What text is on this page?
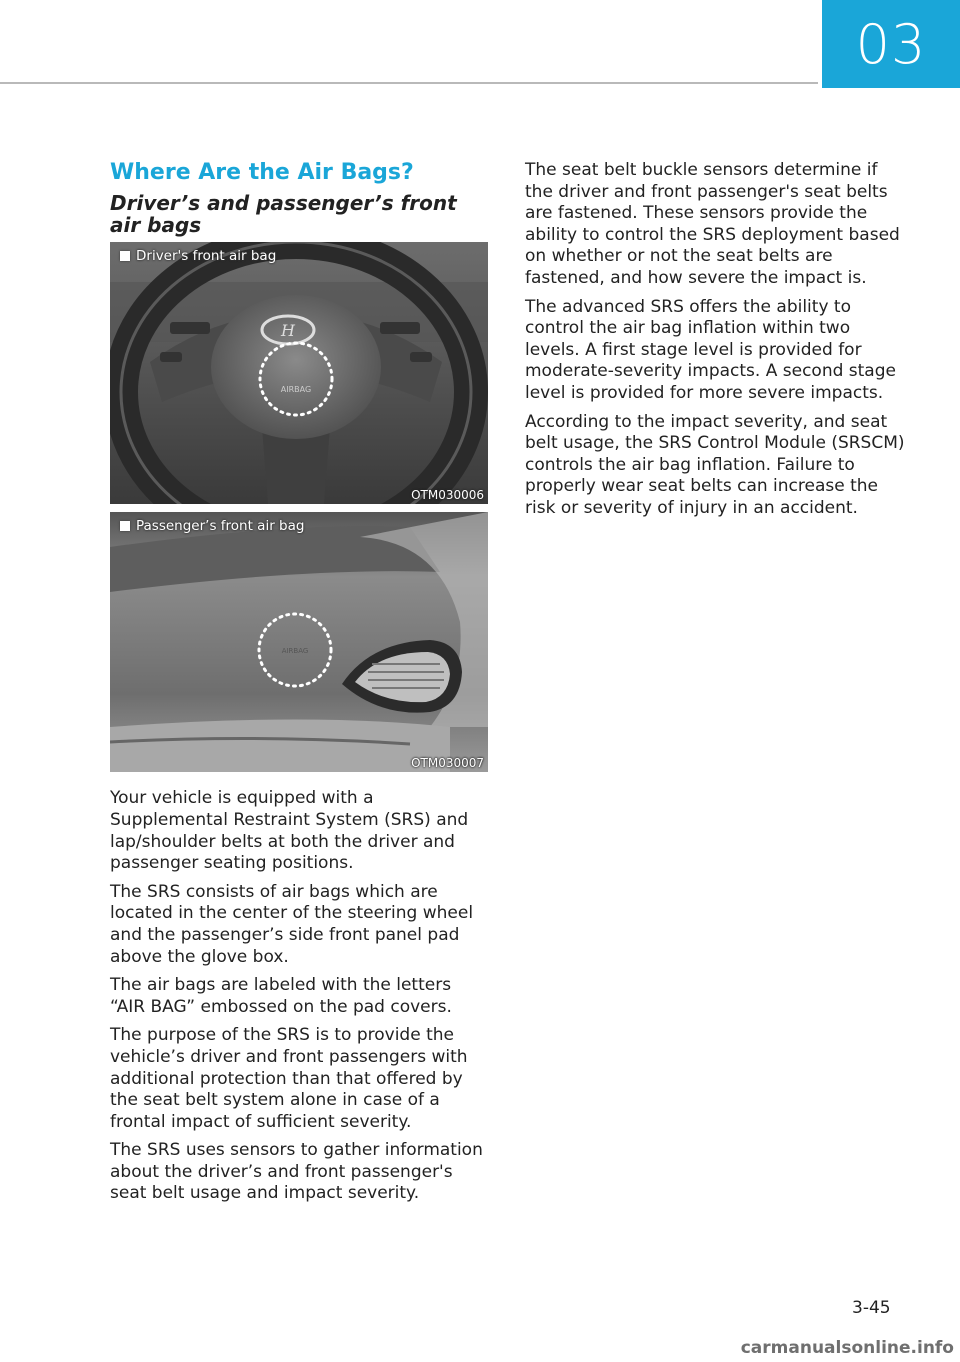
03
Where Are the Air Bags?
Driver’s and passenger’s front air bags
H
AIRBAG
Driver's front air bag
OTM030006
AIRBAG
Passenger’s front air bag
OTM030007

Your vehicle is equipped with a Supplemental Restraint System (SRS) and lap/shoulder belts at both the driver and passenger seating positions.

The SRS consists of air bags which are located in the center of the steering wheel and the passenger’s side front panel pad above the glove box.

The air bags are labeled with the letters “AIR BAG” embossed on the pad covers.

The purpose of the SRS is to provide the vehicle’s driver and front passengers with additional protection than that offered by the seat belt system alone in case of a frontal impact of sufficient severity.

The SRS uses sensors to gather information about the driver’s and front passenger's seat belt usage and impact severity.

The seat belt buckle sensors determine if the driver and front passenger's seat belts are fastened. These sensors provide the ability to control the SRS deployment based on whether or not the seat belts are fastened, and how severe the impact is.

The advanced SRS offers the ability to control the air bag inflation within two levels. A first stage level is provided for moderate-severity impacts. A second stage level is provided for more severe impacts.

According to the impact severity, and seat belt usage, the SRS Control Module (SRSCM) controls the air bag inflation. Failure to properly wear seat belts can increase the risk or severity of injury in an accident.

3-45
carmanualsonline.info
